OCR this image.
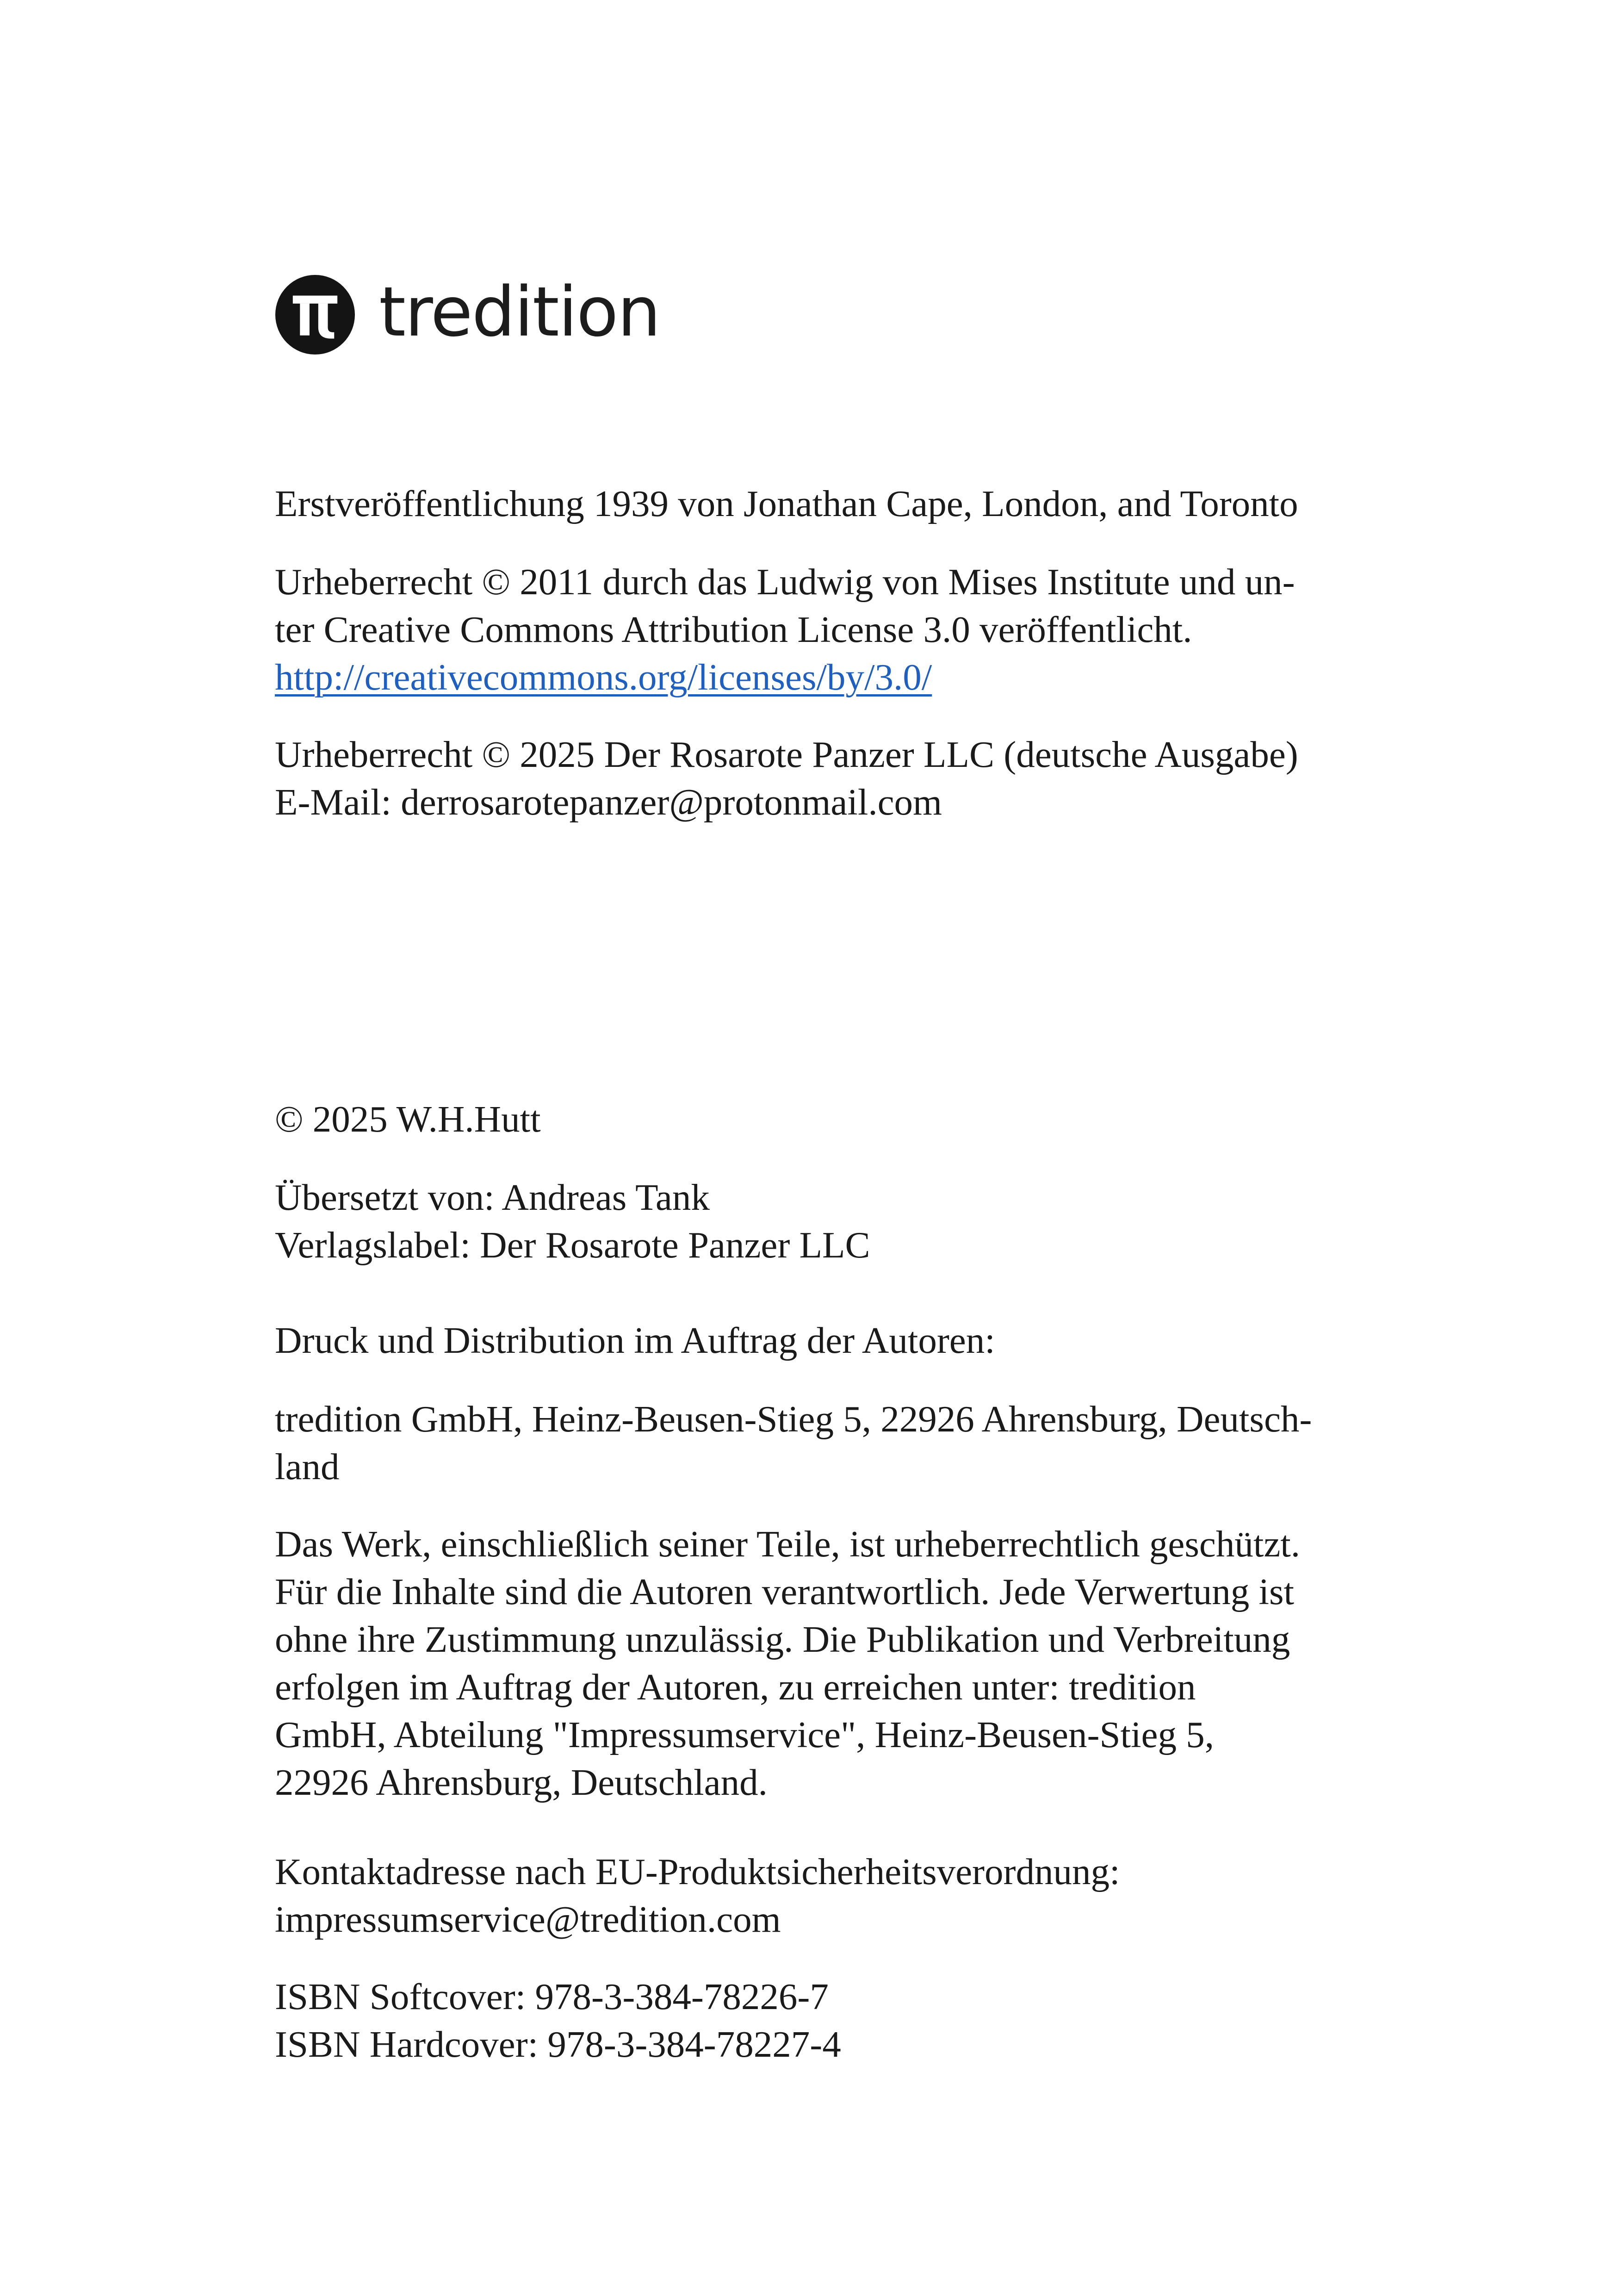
tredition

Erstveröffentlichung 1939 von Jonathan Cape, London, and Toronto

Urheberrecht © 2011 durch das Ludwig von Mises Institute und un-

ter Creative Commons Attribution License 3.0 veröffentlicht.

http://creativecommons.org/licenses/by/3.0/

Urheberrecht © 2025 Der Rosarote Panzer LLC (deutsche Ausgabe)

E-Mail: derrosarotepanzer@protonmail.com

© 2025 W.H.Hutt

Übersetzt von: Andreas Tank

Verlagslabel: Der Rosarote Panzer LLC

Druck und Distribution im Auftrag der Autoren:

tredition GmbH, Heinz-Beusen-Stieg 5, 22926 Ahrensburg, Deutsch-

land

Das Werk, einschließlich seiner Teile, ist urheberrechtlich geschützt.

Für die Inhalte sind die Autoren verantwortlich. Jede Verwertung ist

ohne ihre Zustimmung unzulässig. Die Publikation und Verbreitung

erfolgen im Auftrag der Autoren, zu erreichen unter: tredition

GmbH, Abteilung "Impressumservice", Heinz-Beusen-Stieg 5,

22926 Ahrensburg, Deutschland.

Kontaktadresse nach EU-Produktsicherheitsverordnung:

impressumservice@tredition.com

ISBN Softcover: 978-3-384-78226-7

ISBN Hardcover: 978-3-384-78227-4
